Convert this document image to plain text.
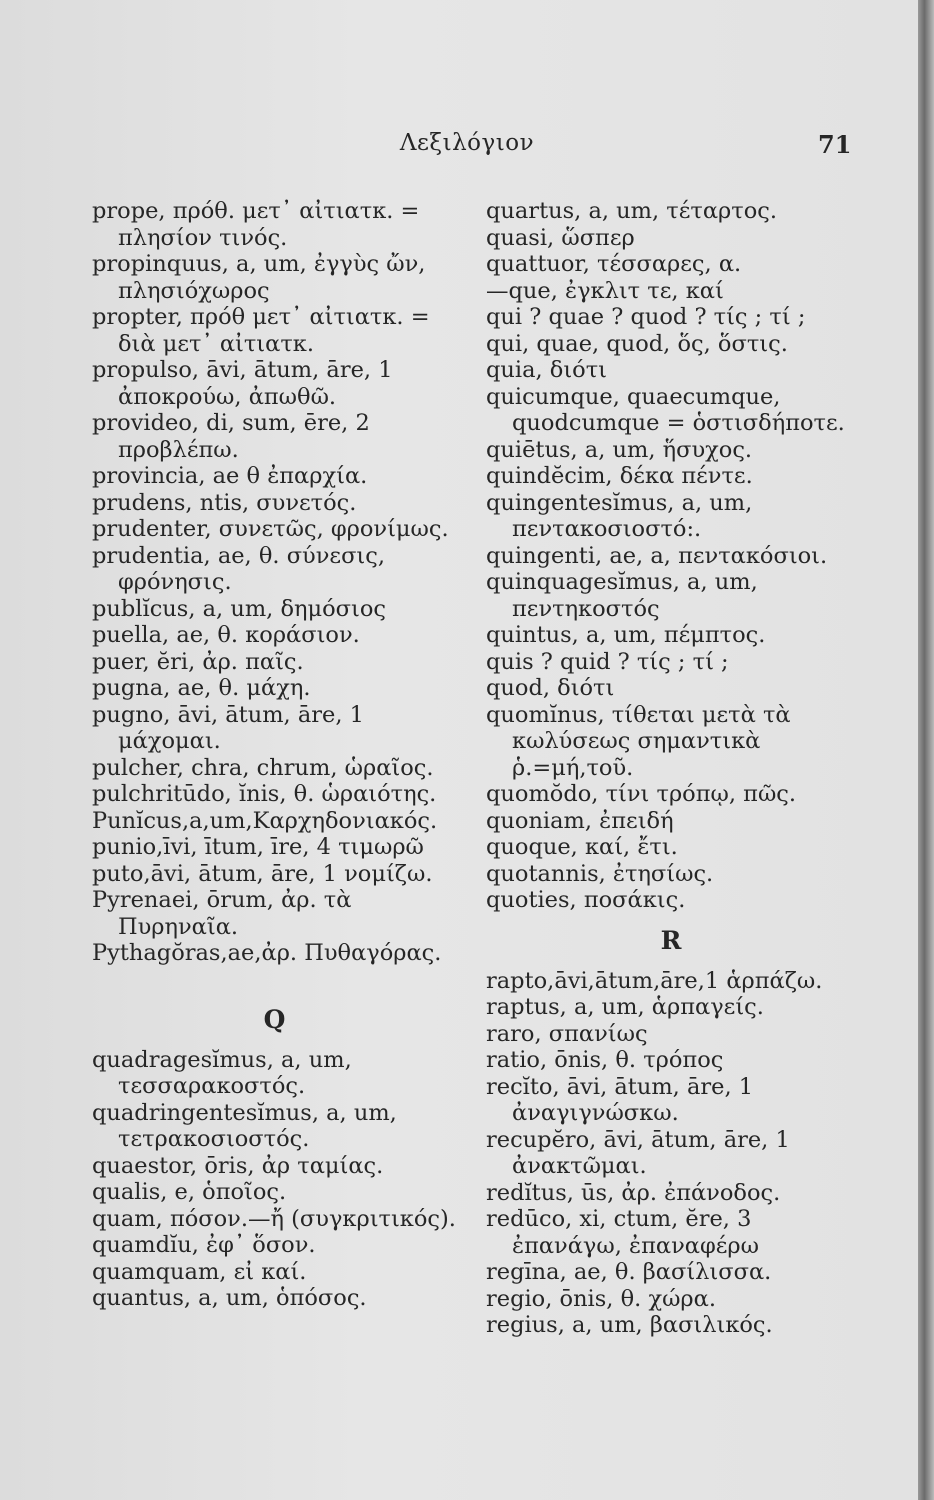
Λεξιλόγιον	71

prope, πρόθ. μετ᾽ αἰτιατκ. = πλησίον τινός.

propinquus, a, um, ἐγγὺς ὤν, πλησιόχωρος

propter, πρόθ μετ᾽ αἰτιατκ. = διὰ μετ᾽ αἰτιατκ.

propulso, āvi, ātum, āre, 1 ἀποκρούω, ἀπωθῶ.

provideo, di, sum, ēre, 2 προβλέπω.

provincia, ae θ ἐπαρχία.

prudens, ntis, συνετός.

prudenter, συνετῶς, φρονίμως.

prudentia, ae, θ. σύνεσις, φρόνησις.

publĭcus, a, um, δημόσιος

puella, ae, θ. κοράσιον.

puer, ĕri, ἀρ. παῖς.

pugna, ae, θ. μάχη.

pugno, āvi, ātum, āre, 1 μάχομαι.

pulcher, chra, chrum, ὡραῖος.

pulchritūdo, ĭnis, θ. ὡραιότης.

Punĭcus,a,um,Καρχηδονιακός.

punio,īvi, ītum, īre, 4 τιμωρῶ

puto,āvi, ātum, āre, 1 νομίζω.

Pyrenaei, ōrum, ἀρ. τὰ Πυρηναῖα.

Pythagŏras,ae,ἀρ. Πυθαγόρας.

Q

quadragesĭmus, a, um, τεσσαρακοστός.

quadringentesĭmus, a, um, τετρακοσιοστός.

quaestor, ōris, ἀρ ταμίας.

qualis, e, ὁποῖος.

quam, πόσον.—ἤ (συγκριτικός).

quamdĭu, ἐφ᾽ ὅσον.

quamquam, εἰ καί.

quantus, a, um, ὁπόσος.

quartus, a, um, τέταρτος.

quasi, ὥσπερ

quattuor, τέσσαρες, α.

—que, ἐγκλιτ τε, καί

qui ? quae ? quod ? τίς ; τί ;

qui, quae, quod, ὅς, ὅστις.

quia, διότι

quicumque, quaecumque, quodcumque = ὁστισδήποτε.

quiētus, a, um, ἥσυχος.

quindĕcim, δέκα πέντε.

quingentesĭmus, a, um, πεντακοσιοστό:.

quingenti, ae, a, πεντακόσιοι.

quinquagesĭmus, a, um, πεντηκοστός

quintus, a, um, πέμπτος.

quis ? quid ? τίς ; τί ;

quod, διότι

quomĭnus, τίθεται μετὰ τὰ κωλύσεως σημαντικὰ ῥ.=μή,τοῦ.

quomŏdo, τίνι τρόπῳ, πῶς.

quoniam, ἐπειδή

quoque, καί, ἔτι.

quotannis, ἐτησίως.

quoties, ποσάκις.

R

rapto,āvi,ātum,āre,1 ἁρπάζω.

raptus, a, um, ἁρπαγείς.

raro, σπανίως

ratio, ōnis, θ. τρόπος

recĭto, āvi, ātum, āre, 1 ἀναγιγνώσκω.

recupĕro, āvi, ātum, āre, 1 ἀνακτῶμαι.

redĭtus, ūs, ἀρ. ἐπάνοδος.

redūco, xi, ctum, ĕre, 3 ἐπανάγω, ἐπαναφέρω

regīna, ae, θ. βασίλισσα.

regio, ōnis, θ. χώρα.

regius, a, um, βασιλικός.
